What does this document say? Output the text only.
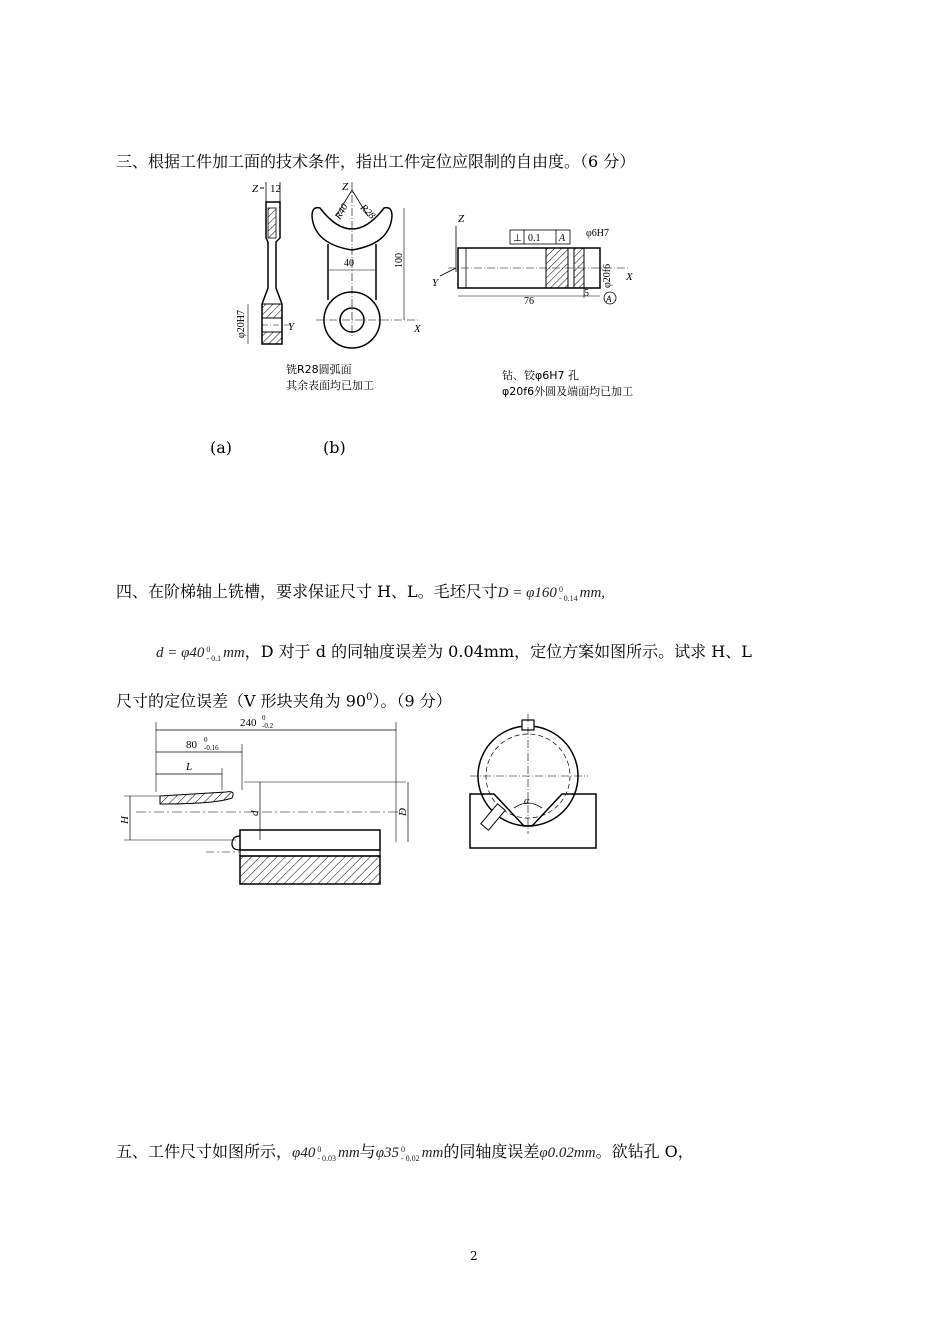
三、根据工件加工面的技术条件，指出工件定位应限制的自由度。（6 分）
Z 12
Y
φ20H7
Z
R40 R28
40
X
100
Z
Y
⊥ 0.1 A φ6H7
X
φ20f6
76
5 A
铣R28圆弧面
其余表面均已加工
钻、铰φ6H7 孔
φ20f6外圆及端面均已加工
(a)	(b)
四、在阶梯轴上铣槽，要求保证尺寸 H、L。毛坯尺寸D = φ160 0
- 0.14 mm,
d = φ40 0
- 0.1 mm，D 对于 d 的同轴度误差为 0.04mm，定位方案如图所示。试求 H、L
尺寸的定位误差（V 形块夹角为 $90^0$）。（9 分）
240 0
-0.2
80 0
-0.16
L
H
d	D
α
五、工件尺寸如图所示，φ40 0
- 0.03 mm与φ35 0
- 0.02 mm的同轴度误差φ0.02mm。欲钻孔 O，
2
